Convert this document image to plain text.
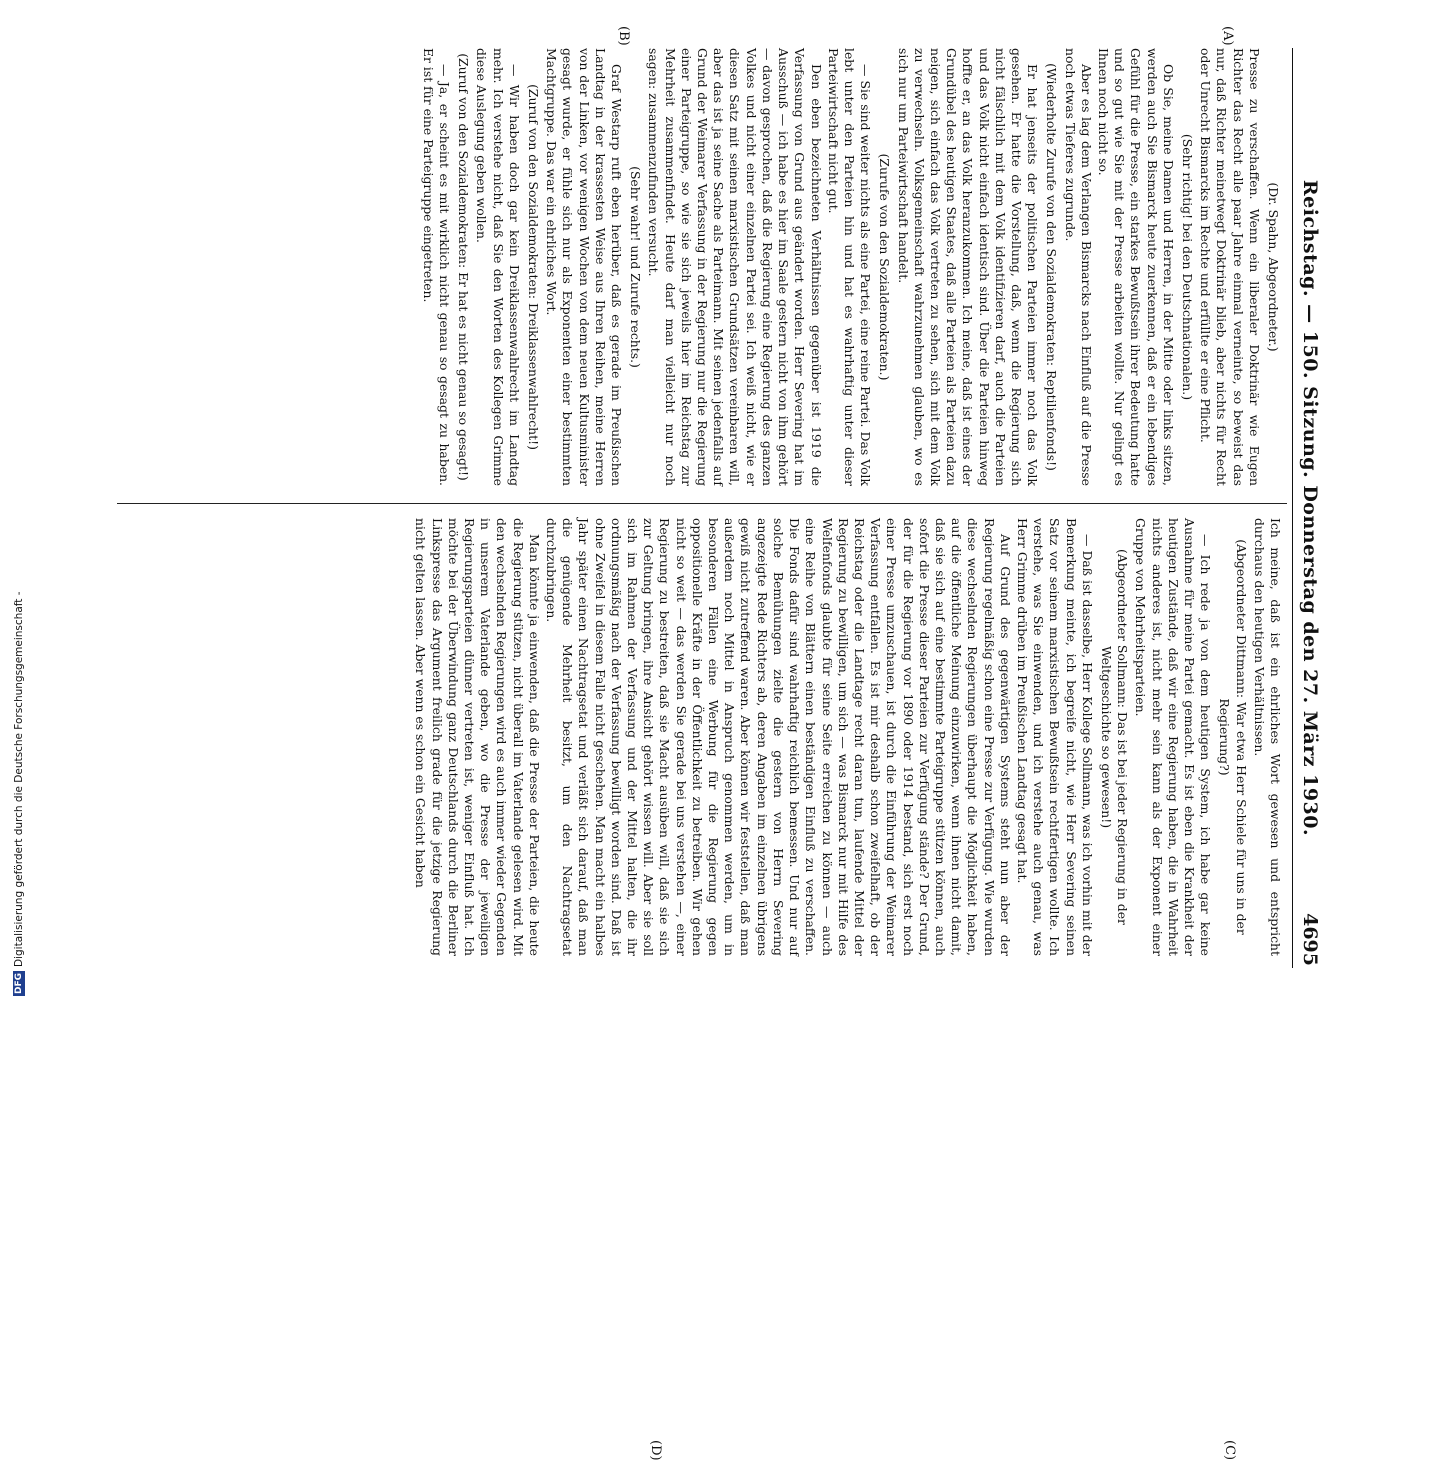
Reichstag. — 150. Sitzung. Donnerstag den 27. März 1930.
4695
(A)
(B)

(Dr. Spahn, Abgeordneter.)

Presse zu verschaffen. Wenn ein liberaler Doktrinär wie Eugen Richter das Recht alle paar Jahre einmal verneinte, so beweist das nur, daß Richter meinetwegt Doktrinär blieb, aber nichts für Recht oder Unrecht Bismarcks im Rechte und erfüllte er eine Pflicht.

(Sehr richtig! bei den Deutschnationalen.)

Ob Sie, meine Damen und Herren, in der Mitte oder links sitzen, werden auch Sie Bismarck heute zuerkennen, daß er ein lebendiges Gefühl für die Presse, ein starkes Bewußtsein ihrer Bedeutung hatte und so gut wie Sie mit der Presse arbeiten wollte. Nur gelingt es Ihnen noch nicht so.

Aber es lag dem Verlangen Bismarcks nach Einfluß auf die Presse noch etwas Tieferes zugrunde.

(Wiederholte Zurufe von den Sozialdemokraten: Reptilienfonds!)

Er hat jenseits der politischen Parteien immer noch das Volk gesehen. Er hatte die Vorstellung, daß, wenn die Regierung sich nicht fälschlich mit dem Volk identifizieren darf, auch die Parteien und das Volk nicht einfach identisch sind. Über die Parteien hinweg hoffte er, an das Volk heranzukommen. Ich meine, daß ist eines der Grundübel des heutigen Staates, daß alle Parteien als Parteien dazu neigen, sich einfach das Volk vertreten zu sehen, sich mit dem Volk zu verwechseln. Volksgemeinschaft wahrzunehmen glauben, wo es sich nur um Parteiwirtschaft handelt.

(Zurufe von den Sozialdemokraten.)

— Sie sind weiter nichts als eine Partei, eine reine Partei. Das Volk lebt unter den Parteien hin und hat es wahrhaftig unter dieser Parteiwirtschaft nicht gut.

Den eben bezeichneten Verhältnissen gegenüber ist 1919 die Verfassung von Grund aus geändert worden. Herr Severing hat im Ausschuß — ich habe es hier im Saale gestern nicht von ihm gehört — davon gesprochen, daß die Regierung eine Regierung des ganzen Volkes und nicht einer einzelnen Partei sei. Ich weiß nicht, wie er diesen Satz mit seinen marxistischen Grundsätzen vereinbaren will, aber das ist ja seine Sache als Parteimann. Mit seinen jedenfalls auf Grund der Weimarer Verfassung in der Regierung nur die Regierung einer Parteigruppe, so wie sie sich jeweils hier im Reichstag zur Mehrheit zusammenfindet. Heute darf man vielleicht nur noch sagen: zusammenzufinden versucht.

(Sehr wahr! und Zurufe rechts.)

Graf Westarp ruft eben herüber, daß es gerade im Preußischen Landtag in der krassesten Weise aus Ihren Reihen, meine Herren von der Linken, vor wenigen Wochen von dem neuen Kultusminister gesagt wurde, er fühle sich nur als Exponenten einer bestimmten Machtgruppe. Das war ein ehrliches Wort.

(Zuruf von den Sozialdemokraten: Dreiklassenwahlrecht!)

— Wir haben doch gar kein Dreiklassenwahlrecht im Landtag mehr. Ich verstehe nicht, daß Sie den Worten des Kollegen Grimme diese Auslegung geben wollen.

(Zuruf von den Sozialdemokraten: Er hat es nicht genau so gesagt!)

— Ja, er scheint es mit wirklich nicht genau so gesagt zu haben. Er ist für eine Parteigruppe eingetreten.

(C)
(D)

Ich meine, daß ist ein ehrliches Wort gewesen und entspricht durchaus den heutigen Verhältnissen.

(Abgeordneter Dittmann: War etwa Herr Schiele für uns in der Regierung?)

— Ich rede ja von dem heutigen System, ich habe gar keine Ausnahme für meine Partei gemacht. Es ist eben die Krankheit der heutigen Zustände, daß wir eine Regierung haben, die in Wahrheit nichts anderes ist, nicht mehr sein kann als der Exponent einer Gruppe von Mehrheitsparteien.

(Abgeordneter Sollmann: Das ist bei jeder Regierung in der Weltgeschichte so gewesen!)

— Daß ist dasselbe, Herr Kollege Sollmann, was ich vorhin mit der Bemerkung meinte, ich begreife nicht, wie Herr Severing seinen Satz vor seinem marxistischen Bewußtsein rechtfertigen wollte. Ich verstehe, was Sie einwenden, und ich verstehe auch genau, was Herr Grimme drüben im Preußischen Landtag gesagt hat.

Auf Grund des gegenwärtigen Systems steht nun aber der Regierung regelmäßig schon eine Presse zur Verfügung. Wie wurden diese wechselnden Regierungen überhaupt die Möglichkeit haben, auf die öffentliche Meinung einzuwirken, wenn ihnen nicht damit, daß sie sich auf eine bestimmte Parteigruppe stützen können, auch sofort die Presse dieser Parteien zur Verfügung stände? Der Grund, der für die Regierung vor 1890 oder 1914 bestand, sich erst noch einer Presse umzuschauen, ist durch die Einführung der Weimarer Verfassung entfallen. Es ist mir deshalb schon zweifelhaft, ob der Reichstag oder die Landtage recht daran tun, laufende Mittel der Regierung zu bewilligen, um sich — was Bismarck nur mit Hilfe des Welfenfonds glaubte für seine Seite erreichen zu können — auch eine Reihe von Blättern einen beständigen Einfluß zu verschaffen. Die Fonds dafür sind wahrhaftig reichlich bemessen. Und nur auf solche Bemühungen zielte die gestern von Herrn Severing angezeigte Rede Richters ab, deren Angaben im einzelnen übrigens gewiß nicht zutreffend waren. Aber können wir feststellen, daß man außerdem noch Mittel in Anspruch genommen werden, um in besonderen Fällen eine Werbung für die Regierung gegen oppositionelle Kräfte in der Öffentlichkeit zu betreiben. Wir gehen nicht so weit — das werden Sie gerade bei uns verstehen —, einer Regierung zu bestreiten, daß sie Macht ausüben will, daß sie sich zur Geltung bringen, ihre Ansicht gehört wissen will. Aber sie soll sich im Rahmen der Verfassung und der Mittel halten, die ihr ordnungsmäßig nach der Verfassung bewilligt worden sind. Daß ist ohne Zweifel in diesem Falle nicht geschehen. Man macht ein halbes Jahr später einen Nachtragsetat und verläßt sich darauf, daß man die genügende Mehrheit besitzt, um den Nachtragsetat durchzubringen.

Man könnte ja einwenden, daß die Presse der Parteien, die heute die Regierung stützen, nicht überall im Vaterlande gelesen wird. Mit den wechselnden Regierungen wird es auch immer wieder Gegenden in unserem Vaterlande geben, wo die Presse der jeweiligen Regierungsparteien dünner vertreten ist, weniger Einfluß hat. Ich möchte bei der Überwindung ganz Deutschlands durch die Berliner Linkspresse das Argument freilich grade für die jetzige Regierung nicht gelten lassen. Aber wenn es schon ein Gesicht haben

DFGDigitalisierung gefördert durch die Deutsche Forschungsgemeinschaft -
